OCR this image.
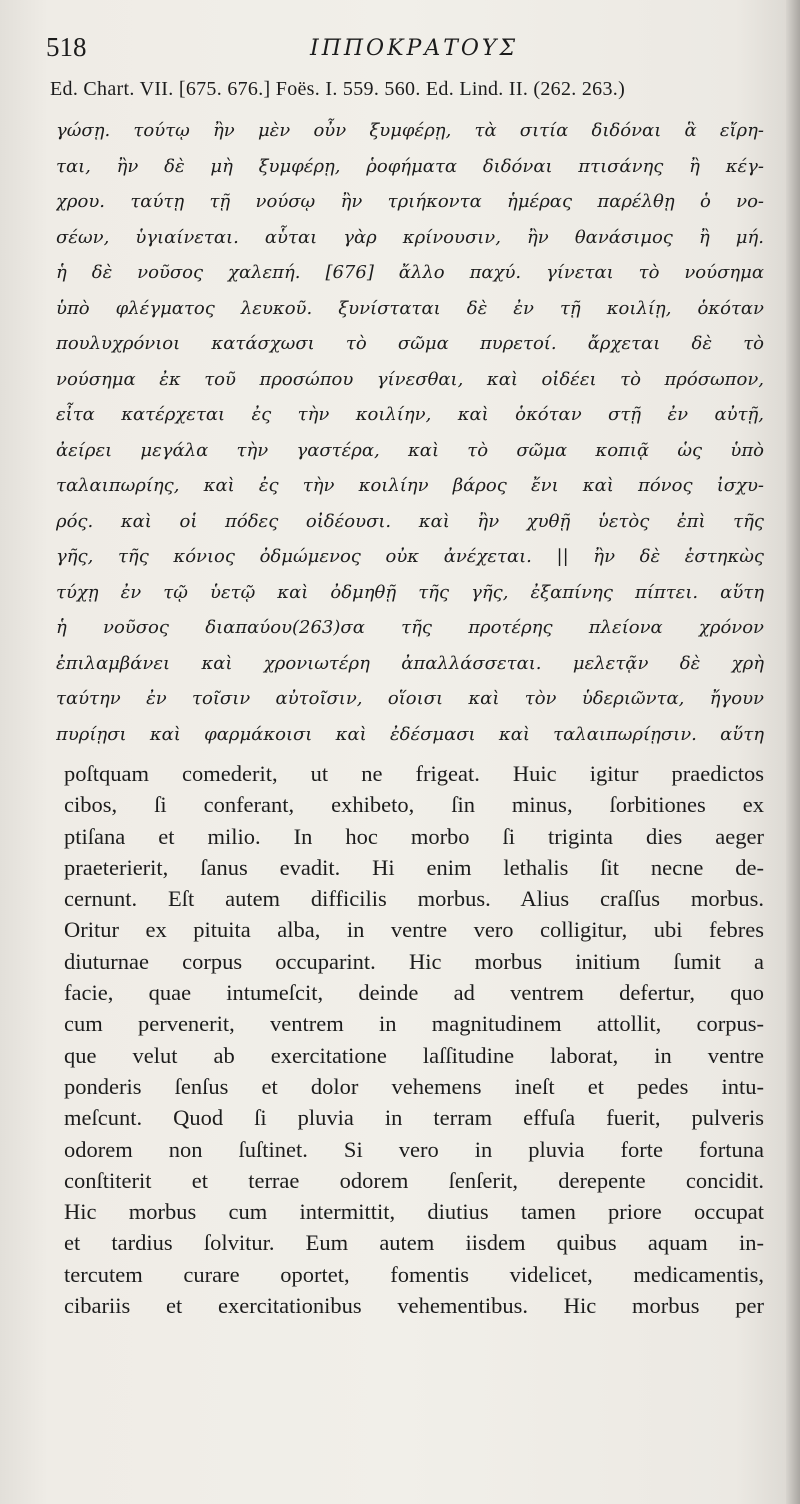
518	ΙΠΠΟΚΡΑΤΟΥΣ
Ed. Chart. VII. [675. 676.] Foës. I. 559. 560. Ed. Lind. II. (262. 263.)
γώσῃ. τούτῳ ἢν μὲν οὖν ξυμφέρῃ, τὰ σιτία διδόναι ἃ εἴρη-
ται, ἢν δὲ μὴ ξυμφέρῃ, ῥοφήματα διδόναι πτισάνης ἢ κέγ-
χρου. ταύτῃ τῇ νούσῳ ἢν τριήκοντα ἡμέρας παρέλθῃ ὁ νο-
σέων, ὑγιαίνεται. αὗται γὰρ κρίνουσιν, ἢν θανάσιμος ἢ μή.
ἡ δὲ νοῦσος χαλεπή. [676] ἄλλο παχύ. γίνεται τὸ νούσημα
ὑπὸ φλέγματος λευκοῦ. ξυνίσταται δὲ ἐν τῇ κοιλίῃ, ὁκόταν
πουλυχρόνιοι κατάσχωσι τὸ σῶμα πυρετοί. ἄρχεται δὲ τὸ
νούσημα ἐκ τοῦ προσώπου γίνεσθαι, καὶ οἰδέει τὸ πρόσωπον,
εἶτα κατέρχεται ἐς τὴν κοιλίην, καὶ ὁκόταν στῇ ἐν αὐτῇ,
ἀείρει μεγάλα τὴν γαστέρα, καὶ τὸ σῶμα κοπιᾷ ὡς ὑπὸ
ταλαιπωρίης, καὶ ἐς τὴν κοιλίην βάρος ἔνι καὶ πόνος ἰσχυ-
ρός. καὶ οἱ πόδες οἰδέουσι. καὶ ἢν χυθῇ ὑετὸς ἐπὶ τῆς
γῆς, τῆς κόνιος ὀδμώμενος οὐκ ἀνέχεται. || ἢν δὲ ἑστηκὼς
τύχῃ ἐν τῷ ὑετῷ καὶ ὀδμηθῇ τῆς γῆς, ἐξαπίνης πίπτει. αὕτη
ἡ νοῦσος διαπαύου(263)σα τῆς προτέρης πλείονα χρόνον
ἐπιλαμβάνει καὶ χρονιωτέρη ἀπαλλάσσεται. μελετᾷν δὲ χρὴ
ταύτην ἐν τοῖσιν αὐτοῖσιν, οἵοισι καὶ τὸν ὑδεριῶντα, ἤγουν
πυρίῃσι καὶ φαρμάκοισι καὶ ἐδέσμασι καὶ ταλαιπωρίῃσιν. αὕτη
poſtquam comederit, ut ne frigeat. Huic igitur praedictos
cibos, ſi conferant, exhibeto, ſin minus, ſorbitiones ex
ptiſana et milio. In hoc morbo ſi triginta dies aeger
praeterierit, ſanus evadit. Hi enim lethalis ſit necne de-
cernunt. Eſt autem difficilis morbus. Alius craſſus morbus.
Oritur ex pituita alba, in ventre vero colligitur, ubi febres
diuturnae corpus occuparint. Hic morbus initium ſumit a
facie, quae intumeſcit, deinde ad ventrem defertur, quo
cum pervenerit, ventrem in magnitudinem attollit, corpus-
que velut ab exercitatione laſſitudine laborat, in ventre
ponderis ſenſus et dolor vehemens ineſt et pedes intu-
meſcunt. Quod ſi pluvia in terram effuſa fuerit, pulveris
odorem non ſuſtinet. Si vero in pluvia forte fortuna
conſtiterit et terrae odorem ſenſerit, derepente concidit.
Hic morbus cum intermittit, diutius tamen priore occupat
et tardius ſolvitur. Eum autem iisdem quibus aquam in-
tercutem curare oportet, fomentis videlicet, medicamentis,
cibariis et exercitationibus vehementibus. Hic morbus per
